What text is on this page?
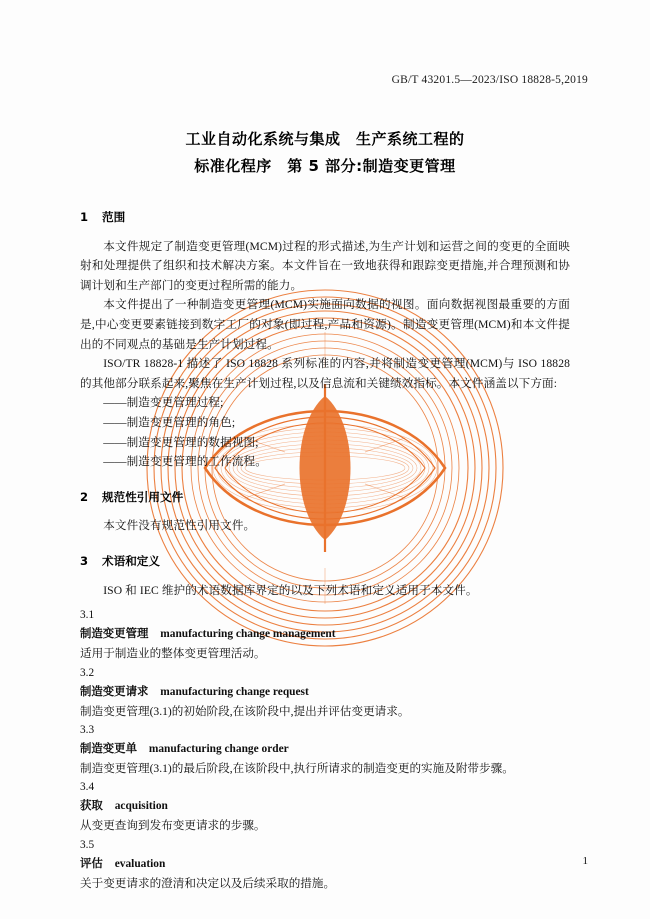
GB/T 43201.5—2023/ISO 18828-5,2019
工业自动化系统与集成　生产系统工程的
标准化程序　第 5 部分:制造变更管理

1 范围

本文件规定了制造变更管理(MCM)过程的形式描述,为生产计划和运营之间的变更的全面映射和处理提供了组织和技术解决方案。本文件旨在一致地获得和跟踪变更措施,并合理预测和协调计划和生产部门的变更过程所需的能力。

本文件提出了一种制造变更管理(MCM)实施面向数据的视图。面向数据视图最重要的方面是,中心变更要素链接到数字工厂的对象(即过程,产品和资源)。制造变更管理(MCM)和本文件提出的不同观点的基础是生产计划过程。

ISO/TR 18828-1 描述了 ISO 18828 系列标准的内容,并将制造变更管理(MCM)与 ISO 18828 的其他部分联系起来,聚焦在生产计划过程,以及信息流和关键绩效指标。本文件涵盖以下方面:

——制造变更管理过程;
——制造变更管理的角色;
——制造变更管理的数据视图;
——制造变更管理的工作流程。

2 规范性引用文件

本文件没有规范性引用文件。

3 术语和定义

ISO 和 IEC 维护的术语数据库界定的以及下列术语和定义适用于本文件。

3.1

制造变更管理 manufacturing change management

适用于制造业的整体变更管理活动。

3.2

制造变更请求 manufacturing change request

制造变更管理(3.1)的初始阶段,在该阶段中,提出并评估变更请求。

3.3

制造变更单 manufacturing change order

制造变更管理(3.1)的最后阶段,在该阶段中,执行所请求的制造变更的实施及附带步骤。

3.4

获取 acquisition

从变更查询到发布变更请求的步骤。

3.5

评估 evaluation

关于变更请求的澄清和决定以及后续采取的措施。

1
